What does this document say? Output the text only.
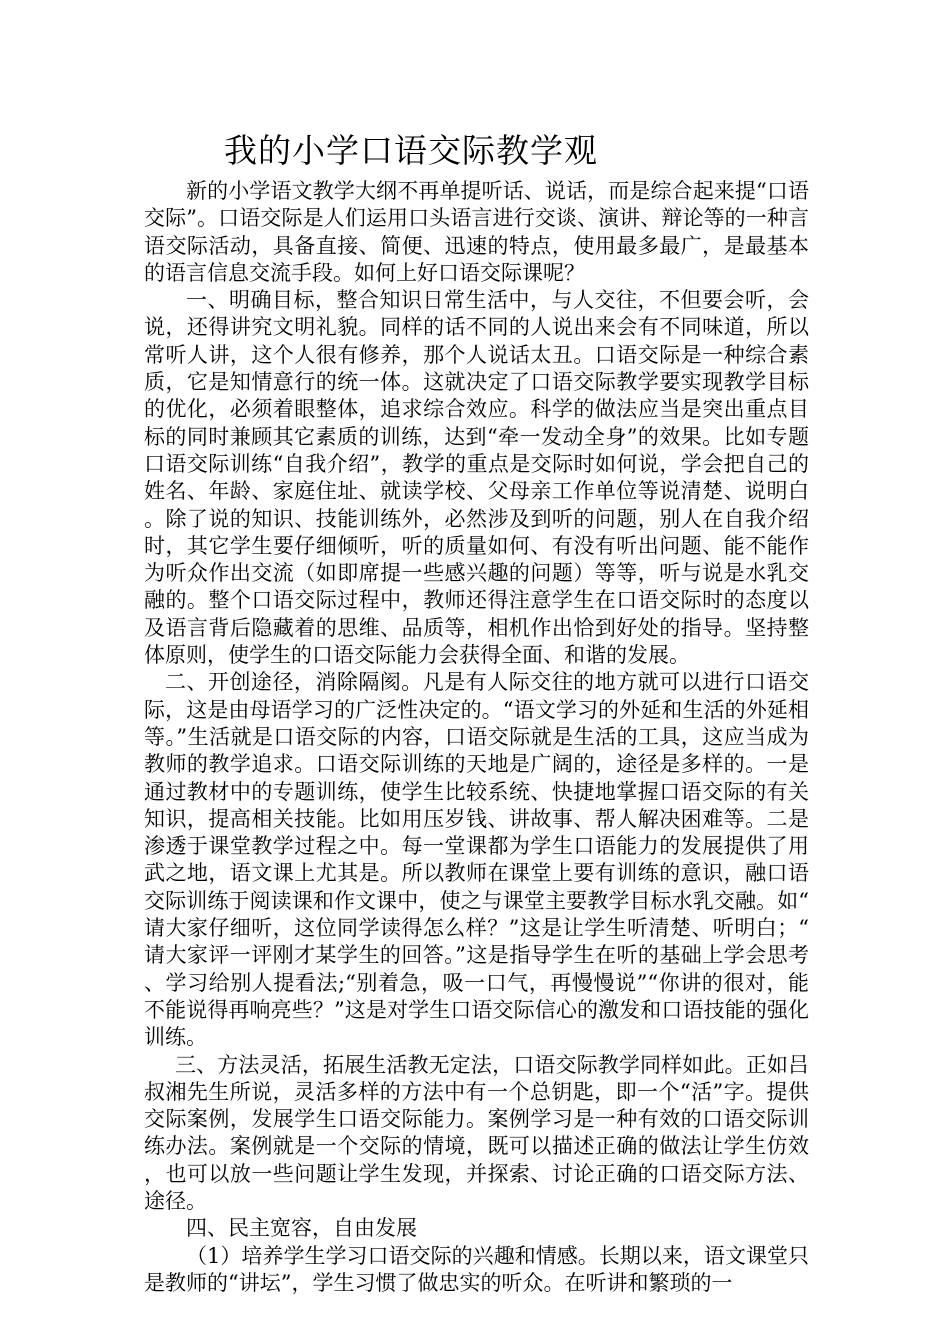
我的小学口语交际教学观

新的小学语文教学大纲不再单提听话、说话，而是综合起来提“口语交际”。口语交际是人们运用口头语言进行交谈、演讲、辩论等的一种言语交际活动，具备直接、简便、迅速的特点，使用最多最广，是最基本的语言信息交流手段。如何上好口语交际课呢？

一、明确目标，整合知识日常生活中，与人交往，不但要会听，会说，还得讲究文明礼貌。同样的话不同的人说出来会有不同味道，所以常听人讲，这个人很有修养，那个人说话太丑。口语交际是一种综合素质，它是知情意行的统一体。这就决定了口语交际教学要实现教学目标的优化，必须着眼整体，追求综合效应。科学的做法应当是突出重点目标的同时兼顾其它素质的训练，达到“牵一发动全身”的效果。比如专题口语交际训练“自我介绍”，教学的重点是交际时如何说，学会把自己的姓名、年龄、家庭住址、就读学校、父母亲工作单位等说清楚、说明白。除了说的知识、技能训练外，必然涉及到听的问题，别人在自我介绍时，其它学生要仔细倾听，听的质量如何、有没有听出问题、能不能作为听众作出交流（如即席提一些感兴趣的问题）等等，听与说是水乳交融的。整个口语交际过程中，教师还得注意学生在口语交际时的态度以及语言背后隐藏着的思维、品质等，相机作出恰到好处的指导。坚持整体原则，使学生的口语交际能力会获得全面、和谐的发展。

二、开创途径，消除隔阂。凡是有人际交往的地方就可以进行口语交际，这是由母语学习的广泛性决定的。“语文学习的外延和生活的外延相等。”生活就是口语交际的内容，口语交际就是生活的工具，这应当成为教师的教学追求。口语交际训练的天地是广阔的，途径是多样的。一是通过教材中的专题训练，使学生比较系统、快捷地掌握口语交际的有关知识，提高相关技能。比如用压岁钱、讲故事、帮人解决困难等。二是渗透于课堂教学过程之中。每一堂课都为学生口语能力的发展提供了用武之地，语文课上尤其是。所以教师在课堂上要有训练的意识，融口语交际训练于阅读课和作文课中，使之与课堂主要教学目标水乳交融。如“请大家仔细听，这位同学读得怎么样？”这是让学生听清楚、听明白；“请大家评一评刚才某学生的回答。”这是指导学生在听的基础上学会思考、学习给别人提看法;“别着急，吸一口气，再慢慢说”“你讲的很对，能不能说得再响亮些？”这是对学生口语交际信心的激发和口语技能的强化训练。

三、方法灵活，拓展生活教无定法，口语交际教学同样如此。正如吕叔湘先生所说，灵活多样的方法中有一个总钥匙，即一个“活”字。提供交际案例，发展学生口语交际能力。案例学习是一种有效的口语交际训练办法。案例就是一个交际的情境，既可以描述正确的做法让学生仿效，也可以放一些问题让学生发现，并探索、讨论正确的口语交际方法、途径。

四、民主宽容，自由发展

（1）培养学生学习口语交际的兴趣和情感。长期以来，语文课堂只是教师的“讲坛”，学生习惯了做忠实的听众。在听讲和繁琐的一
